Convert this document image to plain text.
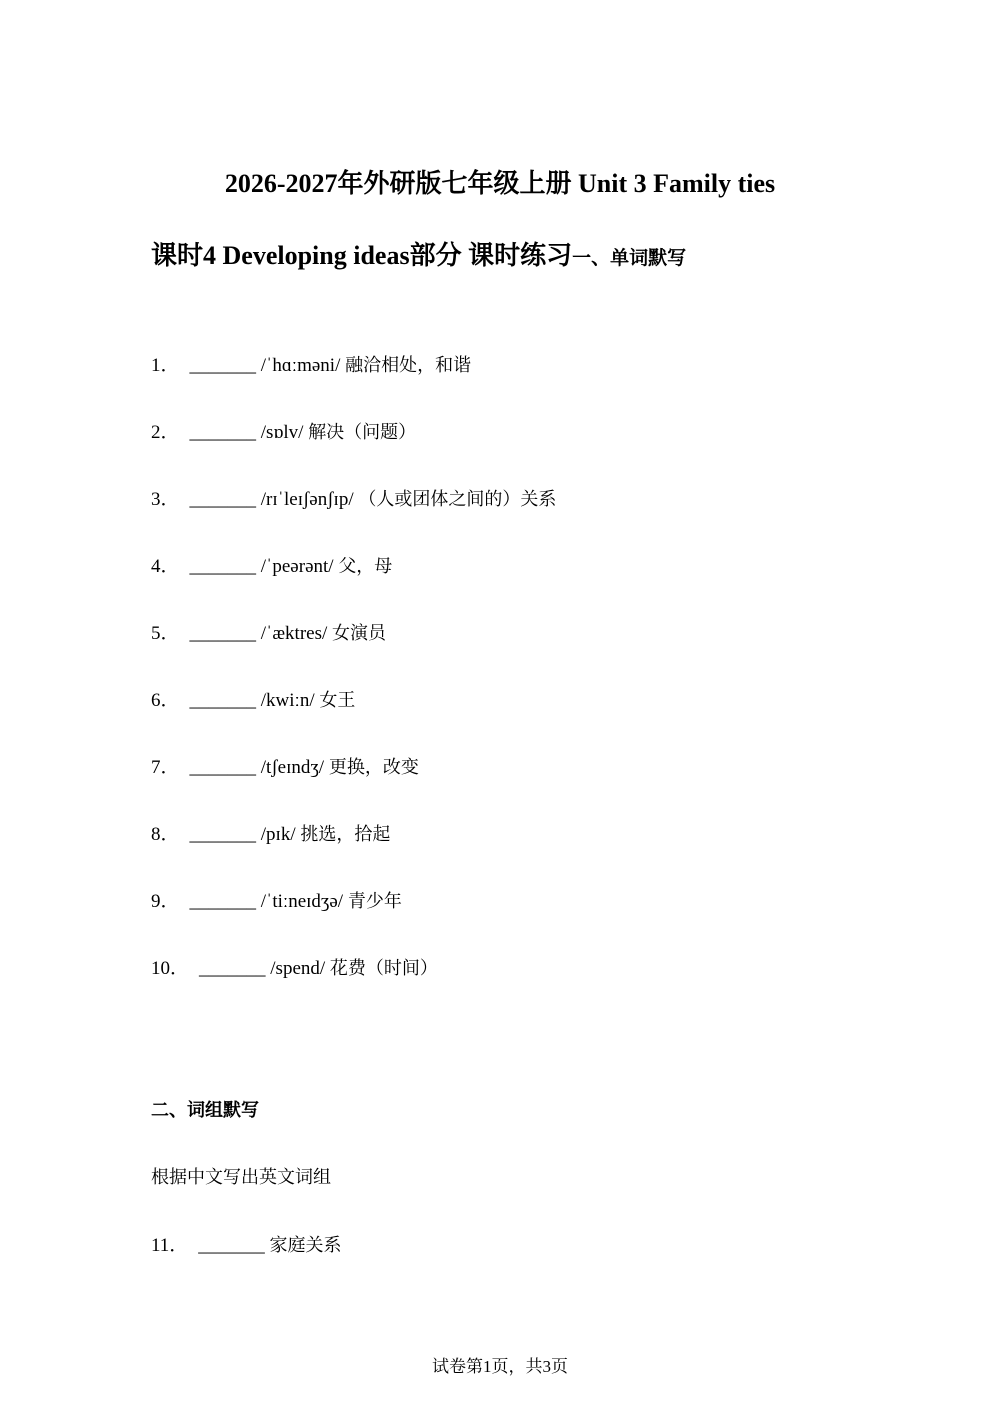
2026-2027年外研版七年级上册 Unit 3 Family ties
课时4 Developing ideas部分 课时练习一、单词默写
1． _______ /ˈhɑːməni/ 融洽相处，和谐
2． _______ /sɒlv/ 解决（问题）
3． _______ /rɪˈleɪʃənʃɪp/ （人或团体之间的）关系
4． _______ /ˈpeərənt/ 父，母
5． _______ /ˈæktres/ 女演员
6． _______ /kwiːn/ 女王
7． _______ /tʃeɪndʒ/ 更换，改变
8． _______ /pɪk/ 挑选，拾起
9． _______ /ˈtiːneɪdʒə/ 青少年
10． _______ /spend/ 花费（时间）
二、词组默写
根据中文写出英文词组
11． _______ 家庭关系
试卷第1页，共3页
